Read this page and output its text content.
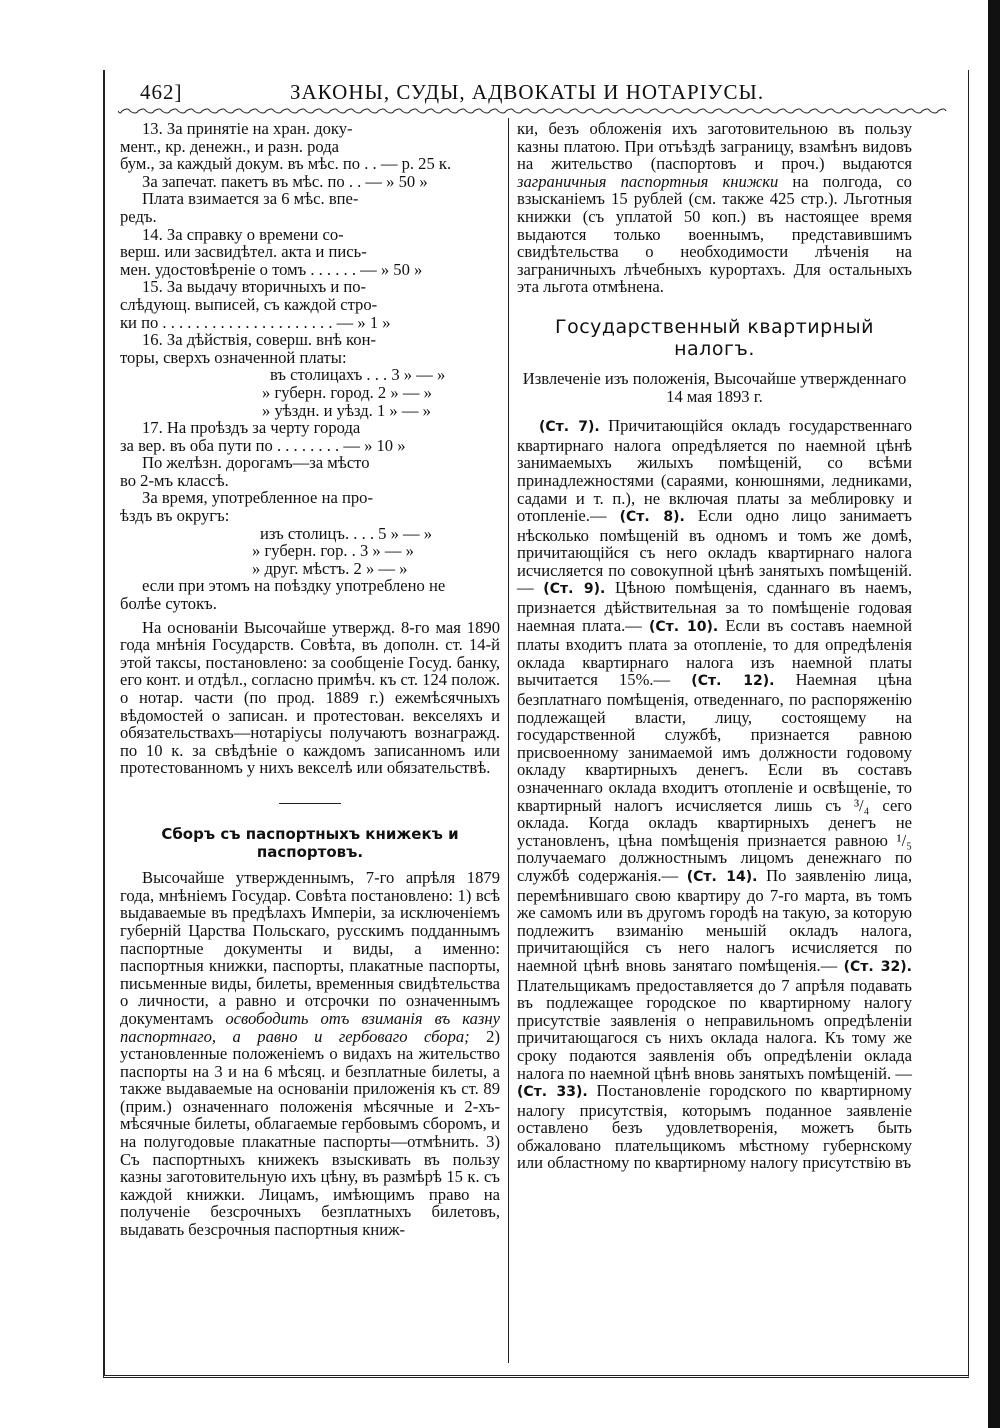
462]	ЗАКОНЫ, СУДЫ, АДВОКАТЫ И НОТАРІУСЫ.

13. За принятіе на хран. доку-

мент., кр. денежн., и разн. рода

бум., за каждый докум. въ мѣс. по . . — р. 25 к.

За запечат. пакетъ въ мѣс. по . . — » 50 »

Плата взимается за 6 мѣс. впе-

редъ.

14. За справку о времени со-

верш. или засвидѣтел. акта и пись-

мен. удостовѣреніе о томъ . . . . . . — » 50 »

15. За выдачу вторичныхъ и по-

слѣдующ. выписей, съ каждой стро-

ки по . . . . . . . . . . . . . . . . . . . . . — » 1 »

16. За дѣйствія, соверш. внѣ кон-

торы, сверхъ означенной платы:

въ столицахъ . . . 3 » — »

» губерн. город. 2 » — »

» уѣздн. и уѣзд. 1 » — »

17. На проѣздъ за черту города

за вер. въ оба пути по . . . . . . . . — » 10 »

По желѣзн. дорогамъ—за мѣсто

во 2-мъ классѣ.

За время, употребленное на про-

ѣздъ въ округъ:

изъ столицъ. . . . 5 » — »

» губерн. гор. . 3 » — »

» друг. мѣстъ. 2 » — »

если при этомъ на поѣздку употреблено не

болѣе сутокъ.

На основаніи Высочайше утвержд. 8-го мая 1890 года мнѣнія Государств. Совѣта, въ дополн. ст. 14-й этой таксы, постановлено: за сообщеніе Госуд. банку, его конт. и отдѣл., согласно примѣч. къ ст. 124 полож. о нотар. части (по прод. 1889 г.) ежемѣсячныхъ вѣдомостей о записан. и протестован. векселяхъ и обязательствахъ—нотаріусы получаютъ вознагражд. по 10 к. за свѣдѣніе о каждомъ записанномъ или протестованномъ у нихъ векселѣ или обязательствѣ.

Сборъ съ паспортныхъ книжекъ и паспортовъ.

Высочайше утвержденнымъ, 7-го апрѣля 1879 года, мнѣніемъ Государ. Совѣта постановлено: 1) всѣ выдаваемые въ предѣлахъ Имперіи, за исключеніемъ губерній Царства Польскаго, русскимъ подданнымъ паспортные документы и виды, а именно: паспортныя книжки, паспорты, плакатные паспорты, письменные виды, билеты, временныя свидѣтельства о личности, а равно и отсрочки по означеннымъ документамъ освободить отъ взиманія въ казну паспортнаго, а равно и гербоваго сбора; 2) установленные положеніемъ о видахъ на жительство паспорты на 3 и на 6 мѣсяц. и безплатные билеты, а также выдаваемые на основаніи приложенія къ ст. 89 (прим.) означеннаго положенія мѣсячные и 2-хъ-мѣсячные билеты, облагаемые гербовымъ сборомъ, и на полугодовые плакатные паспорты—отмѣнить. 3) Съ паспортныхъ книжекъ взыскивать въ пользу казны заготовительную ихъ цѣну, въ размѣрѣ 15 к. съ каждой книжки. Лицамъ, имѣющимъ право на полученіе безсрочныхъ безплатныхъ билетовъ, выдавать безсрочныя паспортныя книж-

ки, безъ обложенія ихъ заготовительною въ пользу казны платою. При отъѣздѣ заграницу, взамѣнъ видовъ на жительство (паспортовъ и проч.) выдаются заграничныя паспортныя книжки на полгода, со взысканіемъ 15 рублей (см. также 425 стр.). Льготныя книжки (съ уплатой 50 коп.) въ настоящее время выдаются только военнымъ, представившимъ свидѣтельства о необходимости лѣченія на заграничныхъ лѣчебныхъ курортахъ. Для остальныхъ эта льгота отмѣнена.

Государственный квартирный налогъ.
Извлеченіе изъ положенія, Высочайше утвержденнаго 14 мая 1893 г.

(Ст. 7). Причитающійся окладъ государственнаго квартирнаго налога опредѣляется по наемной цѣнѣ занимаемыхъ жилыхъ помѣщеній, со всѣми принадлежностями (сараями, конюшнями, ледниками, садами и т. п.), не включая платы за меблировку и отопленіе.— (Ст. 8). Если одно лицо занимаетъ нѣсколько помѣщеній въ одномъ и томъ же домѣ, причитающійся съ него окладъ квартирнаго налога исчисляется по совокупной цѣнѣ занятыхъ помѣщеній.— (Ст. 9). Цѣною помѣщенія, сданнаго въ наемъ, признается дѣйствительная за то помѣщеніе годовая наемная плата.— (Ст. 10). Если въ составъ наемной платы входитъ плата за отопленіе, то для опредѣленія оклада квартирнаго налога изъ наемной платы вычитается 15%.— (Ст. 12). Наемная цѣна безплатнаго помѣщенія, отведеннаго, по распоряженію подлежащей власти, лицу, состоящему на государственной службѣ, признается равною присвоенному занимаемой имъ должности годовому окладу квартирныхъ денегъ. Если въ составъ означеннаго оклада входитъ отопленіе и освѣщеніе, то квартирный налогъ исчисляется лишь съ ³/₄ сего оклада. Когда окладъ квартирныхъ денегъ не установленъ, цѣна помѣщенія признается равною ¹/₅ получаемаго должностнымъ лицомъ денежнаго по службѣ содержанія.— (Ст. 14). По заявленію лица, перемѣнившаго свою квартиру до 7-го марта, въ томъ же самомъ или въ другомъ городѣ на такую, за которую подлежитъ взиманію меньшій окладъ налога, причитающійся съ него налогъ исчисляется по наемной цѣнѣ вновь занятаго помѣщенія.— (Ст. 32). Плательщикамъ предоставляется до 7 апрѣля подавать въ подлежащее городское по квартирному налогу присутствіе заявленія о неправильномъ опредѣленіи причитающагося съ нихъ оклада налога. Къ тому же сроку подаются заявленія объ опредѣленіи оклада налога по наемной цѣнѣ вновь занятыхъ помѣщеній. — (Ст. 33). Постановленіе городского по квартирному налогу присутствія, которымъ поданное заявленіе оставлено безъ удовлетворенія, можетъ быть обжаловано плательщикомъ мѣстному губернскому или областному по квартирному налогу присутствію въ
